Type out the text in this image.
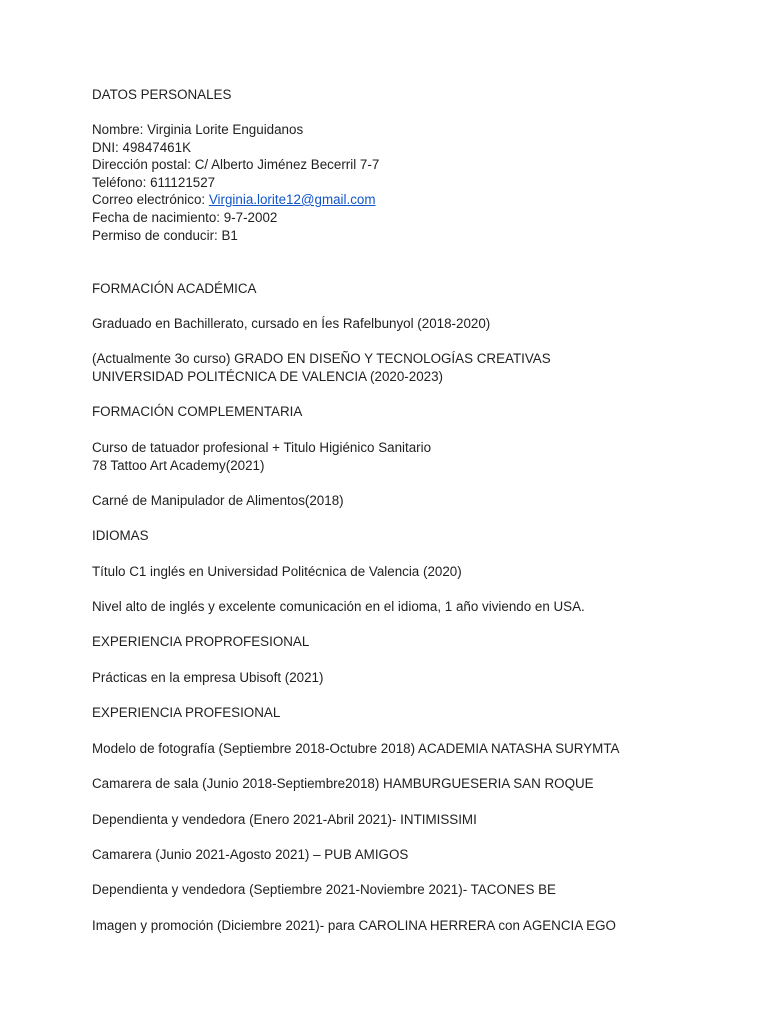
DATOS PERSONALES
Nombre: Virginia Lorite Enguidanos
DNI: 49847461K
Dirección postal: C/ Alberto Jiménez Becerril 7-7
Teléfono: 611121527
Correo electrónico: Virginia.lorite12@gmail.com
Fecha de nacimiento: 9-7-2002
Permiso de conducir: B1
FORMACIÓN ACADÉMICA
Graduado en Bachillerato, cursado en Íes Rafelbunyol (2018-2020)
(Actualmente 3o curso) GRADO EN DISEÑO Y TECNOLOGÍAS CREATIVAS
UNIVERSIDAD POLITÉCNICA DE VALENCIA (2020-2023)
FORMACIÓN COMPLEMENTARIA
Curso de tatuador profesional + Titulo Higiénico Sanitario
78 Tattoo Art Academy(2021)
Carné de Manipulador de Alimentos(2018)
IDIOMAS
Título C1 inglés en Universidad Politécnica de Valencia (2020)
Nivel alto de inglés y excelente comunicación en el idioma, 1 año viviendo en USA.
EXPERIENCIA PROPROFESIONAL
Prácticas en la empresa Ubisoft (2021)
EXPERIENCIA PROFESIONAL
Modelo de fotografía (Septiembre 2018-Octubre 2018) ACADEMIA NATASHA SURYMTA
Camarera de sala (Junio 2018-Septiembre2018) HAMBURGUESERIA SAN ROQUE
Dependienta y vendedora (Enero 2021-Abril 2021)- INTIMISSIMI
Camarera (Junio 2021-Agosto 2021) – PUB AMIGOS
Dependienta y vendedora (Septiembre 2021-Noviembre 2021)- TACONES BE
Imagen y promoción (Diciembre 2021)- para CAROLINA HERRERA con AGENCIA EGO
